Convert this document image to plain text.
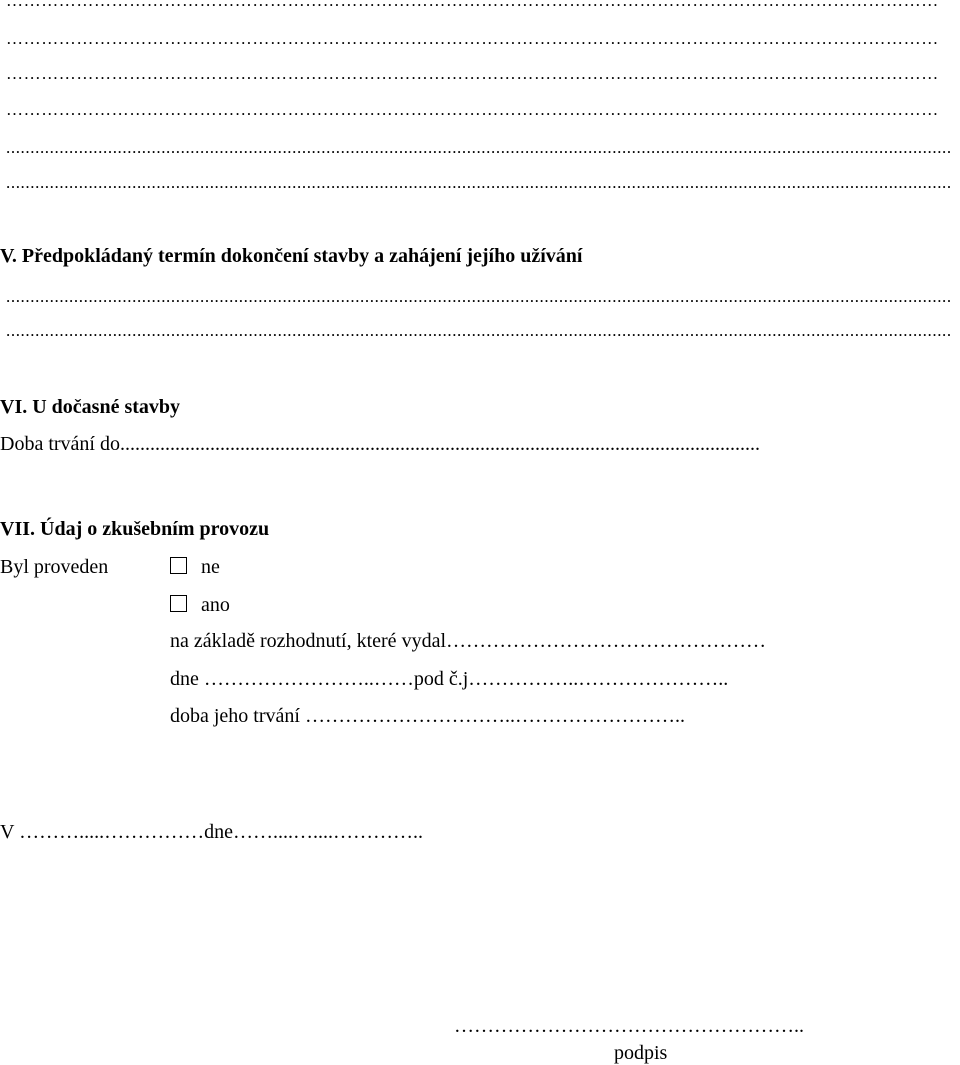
……………………………………………………………………………………………………………………………………………
……………………………………………………………………………………………………………………………………………
……………………………………………………………………………………………………………………………………………
……………………………………………………………………………………………………………………………………………
...................................................................................................................................................................................................
...................................................................................................................................................................................................
V. Předpokládaný termín dokončení stavby a zahájení jejího užívání
...................................................................................................................................................................................................
...................................................................................................................................................................................................
VI. U dočasné stavby
Doba trvání do................................................................................................................................
VII. Údaj o zkušebním provozu
Byl proveden	ne
ano
na základě rozhodnutí, které vydal…………………………………………
dne ……………………..……pod č.j……………..…………………..
doba jeho trvání …………………………..……………………..
V ……….....……………dne……....…....…………..
……………………………………………..
podpis
